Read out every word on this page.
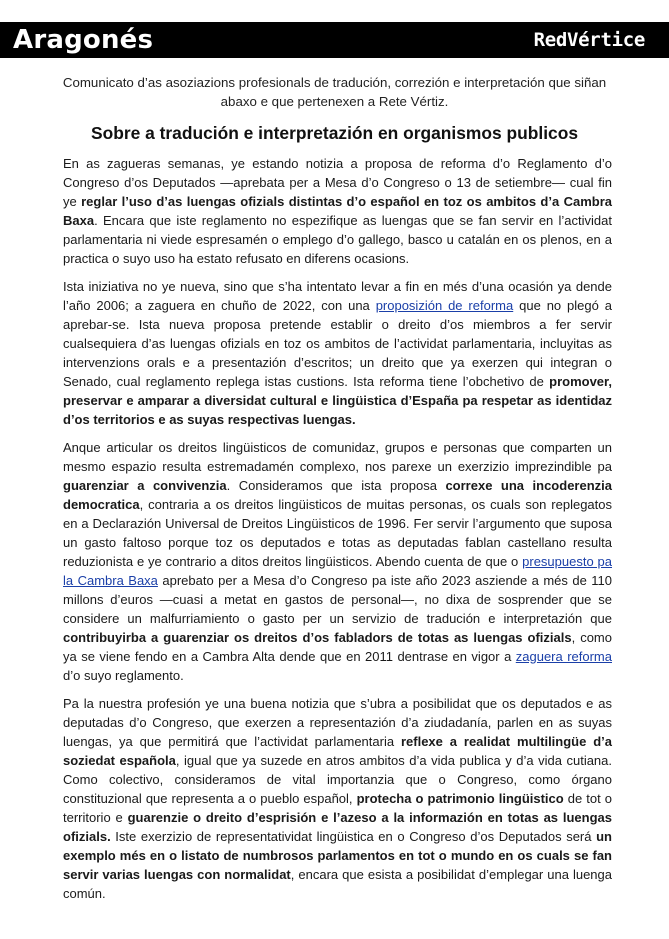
Aragonés	RedVértice
Comunicato d’as asoziazions profesionals de tradución, correzión e interpretación que siñan abaxo e que pertenexen a Rete Vértiz.
Sobre a tradución e interpretazión en organismos publicos

En as zagueras semanas, ye estando notizia a proposa de reforma d’o Reglamento d’o Congreso d’os Deputados —aprebata per a Mesa d’o Congreso o 13 de setiembre— cual fin ye reglar l’uso d’as luengas ofizials distintas d’o español en toz os ambitos d’a Cambra Baxa. Encara que iste reglamento no espezifique as luengas que se fan servir en l’actividat parlamentaria ni viede espresamén o emplego d’o gallego, basco u catalán en os plenos, en a practica o suyo uso ha estato refusato en diferens ocasions.

Ista iniziativa no ye nueva, sino que s’ha intentato levar a fin en més d’una ocasión ya dende l’año 2006; a zaguera en chuño de 2022, con una proposizión de reforma que no plegó a aprebar-se. Ista nueva proposa pretende establir o dreito d’os miembros a fer servir cualsequiera d’as luengas ofizials en toz os ambitos de l’actividat parlamentaria, incluyitas as intervenzions orals e a presentazión d’escritos; un dreito que ya exerzen qui integran o Senado, cual reglamento replega istas custions. Ista reforma tiene l’obchetivo de promover, preservar e amparar a diversidat cultural e lingüistica d’España pa respetar as identidaz d’os territorios e as suyas respectivas luengas.

Anque articular os dreitos lingüisticos de comunidaz, grupos e personas que comparten un mesmo espazio resulta estremadamén complexo, nos parexe un exerzizio imprezindible pa guarenziar a convivenzia. Consideramos que ista proposa correxe una incoderenzia democratica, contraria a os dreitos lingüisticos de muitas personas, os cuals son replegatos en a Declarazión Universal de Dreitos Lingüisticos de 1996. Fer servir l’argumento que suposa un gasto faltoso porque toz os deputados e totas as deputadas fablan castellano resulta reduzionista e ye contrario a ditos dreitos lingüisticos. Abendo cuenta de que o presupuesto pa la Cambra Baxa aprebato per a Mesa d’o Congreso pa iste año 2023 asziende a més de 110 millons d’euros —cuasi a metat en gastos de personal—, no dixa de sosprender que se considere un malfurriamiento o gasto per un servizio de tradución e interpretazión que contribuyirba a guarenziar os dreitos d’os fabladors de totas as luengas ofizials, como ya se viene fendo en a Cambra Alta dende que en 2011 dentrase en vigor a zaguera reforma d’o suyo reglamento.

Pa la nuestra profesión ye una buena notizia que s’ubra a posibilidat que os deputados e as deputadas d’o Congreso, que exerzen a representazión d’a ziudadanía, parlen en as suyas luengas, ya que permitirá que l’actividat parlamentaria reflexe a realidat multilingüe d’a soziedat española, igual que ya suzede en atros ambitos d’a vida publica y d’a vida cutiana. Como colectivo, consideramos de vital importanzia que o Congreso, como órgano constituzional que representa a o pueblo español, protecha o patrimonio lingüistico de tot o territorio e guarenzie o dreito d’esprisión e l’azeso a la informazión en totas as luengas ofizials. Iste exerzizio de representatividat lingüistica en o Congreso d’os Deputados será un exemplo més en o listato de numbrosos parlamentos en tot o mundo en os cuals se fan servir varias luengas con normalidat, encara que esista a posibilidat d’emplegar una luenga común.
